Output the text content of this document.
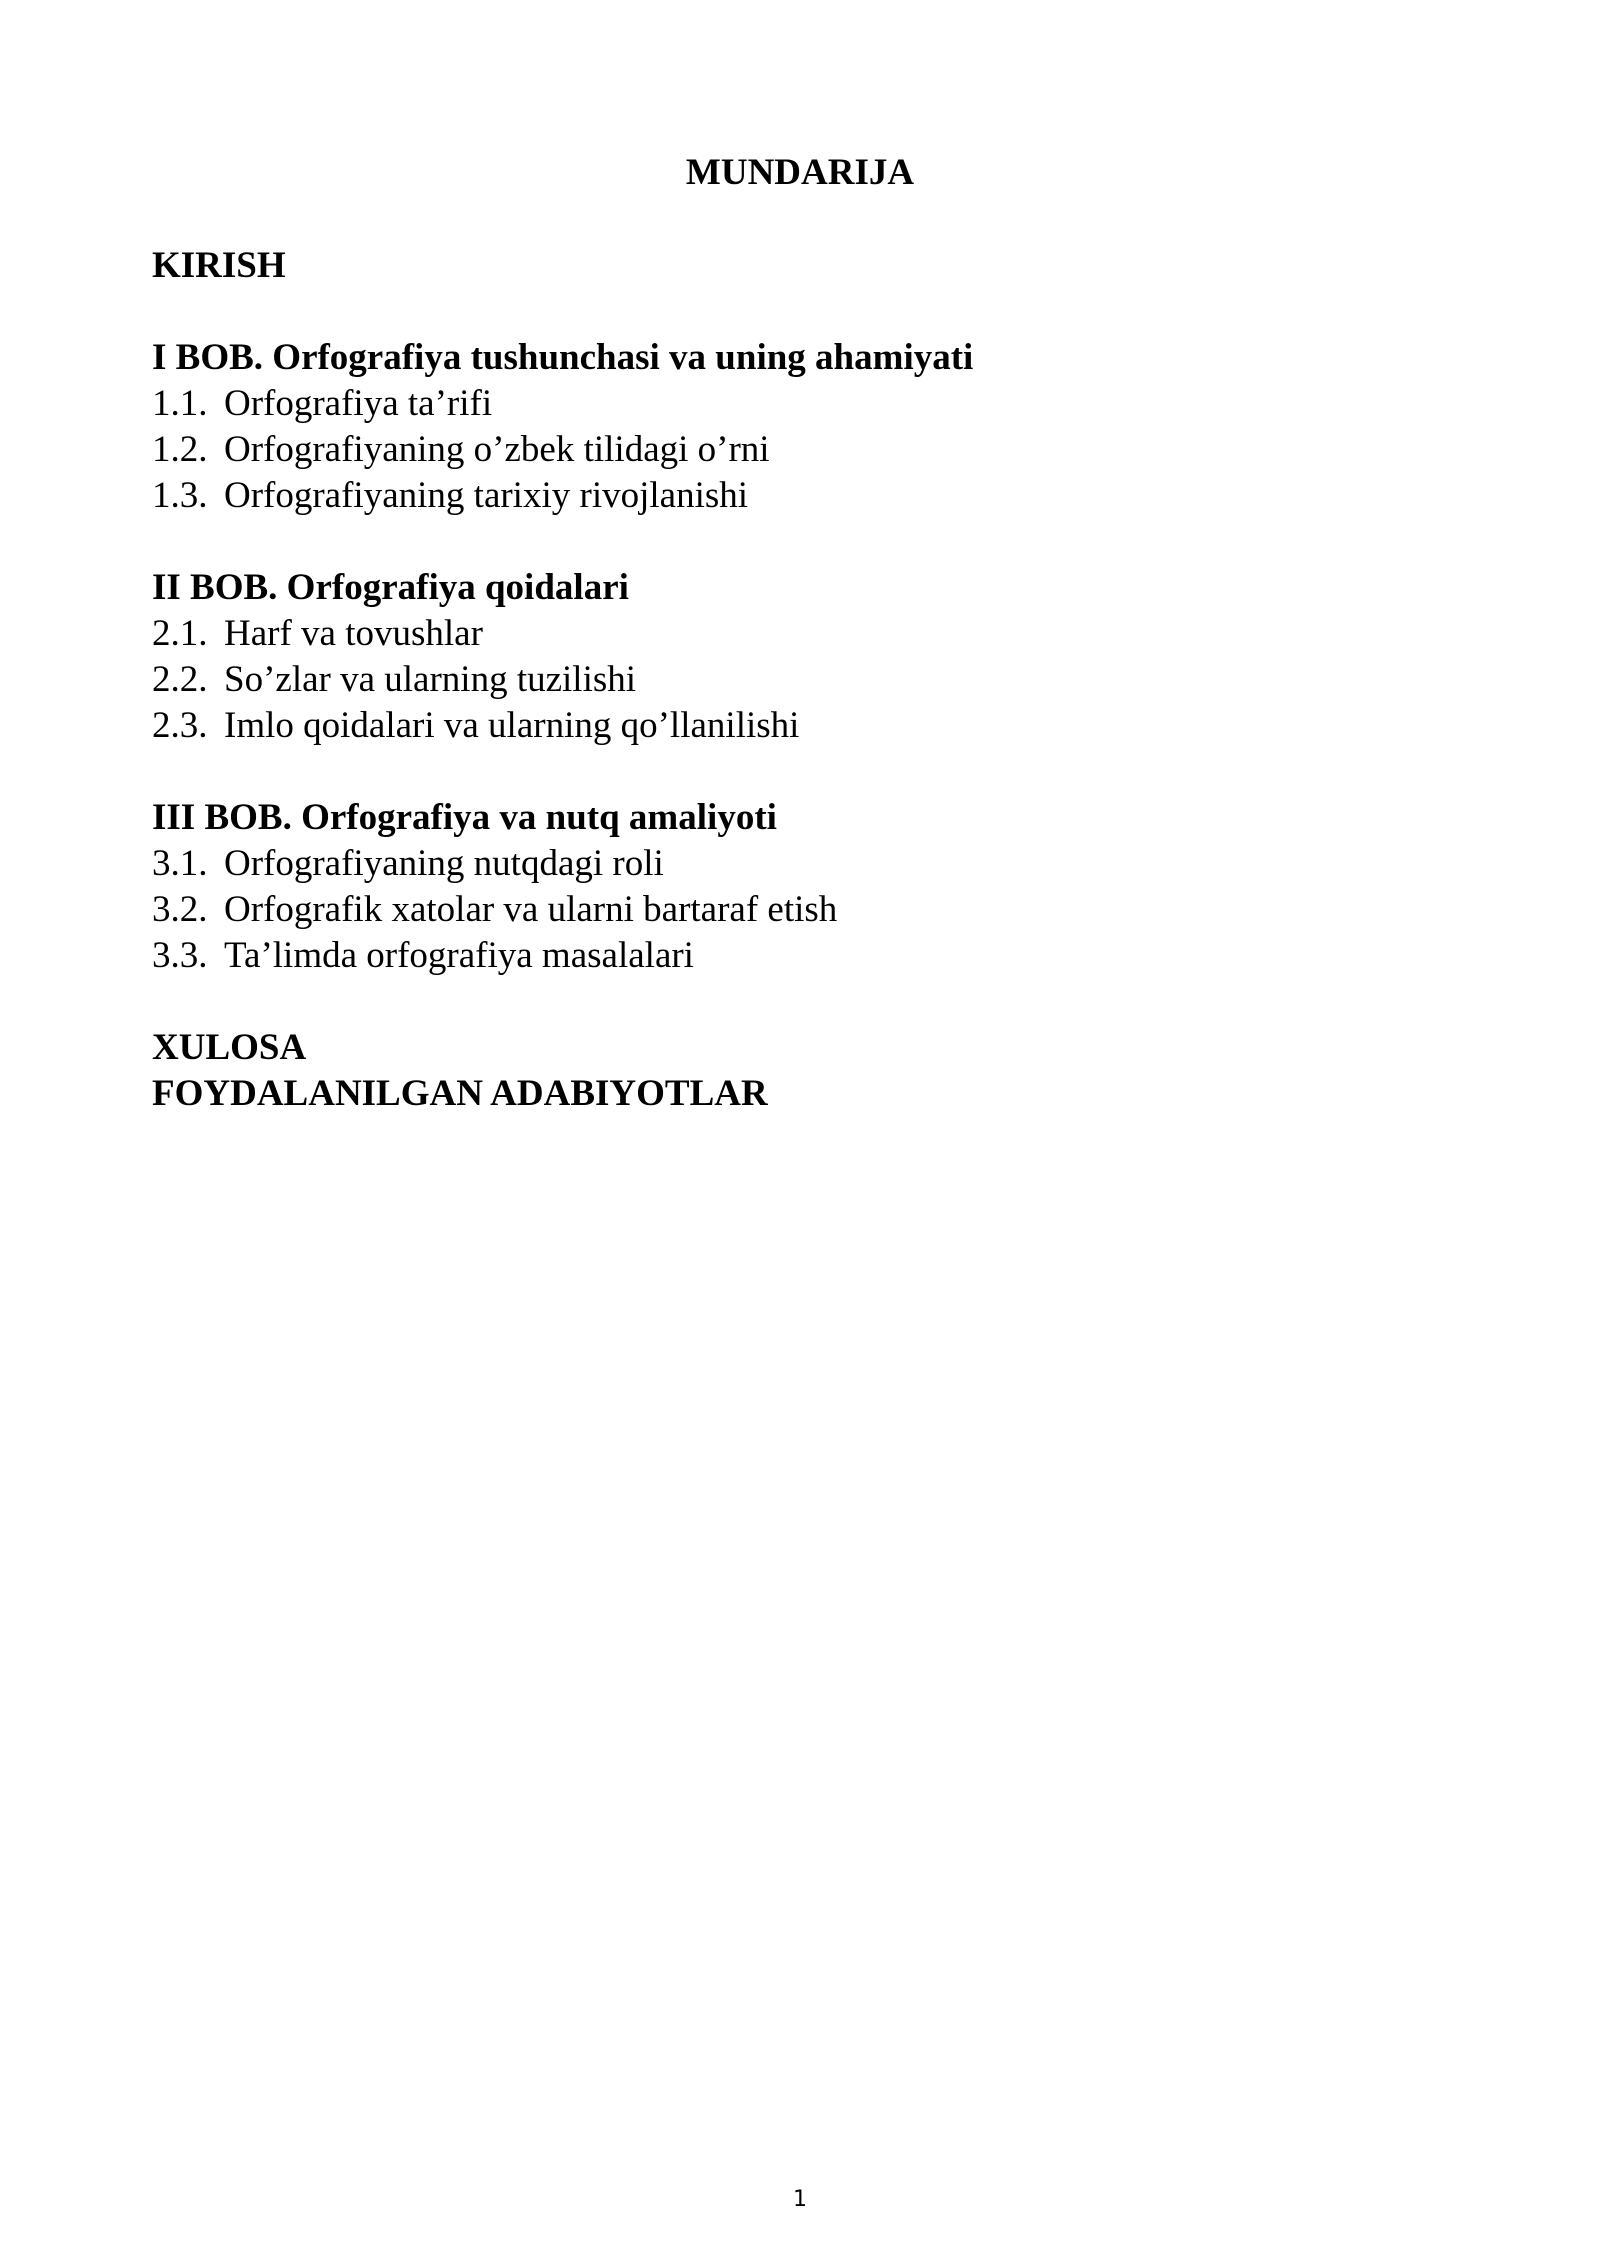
MUNDARIJA
KIRISH
I BOB. Orfografiya tushunchasi va uning ahamiyati
1.1. Orfografiya ta’rifi
1.2. Orfografiyaning o’zbek tilidagi o’rni
1.3. Orfografiyaning tarixiy rivojlanishi
II BOB. Orfografiya qoidalari
2.1. Harf va tovushlar
2.2. So’zlar va ularning tuzilishi
2.3. Imlo qoidalari va ularning qo’llanilishi
III BOB. Orfografiya va nutq amaliyoti
3.1. Orfografiyaning nutqdagi roli
3.2. Orfografik xatolar va ularni bartaraf etish
3.3. Ta’limda orfografiya masalalari
XULOSA
FOYDALANILGAN ADABIYOTLAR
1
